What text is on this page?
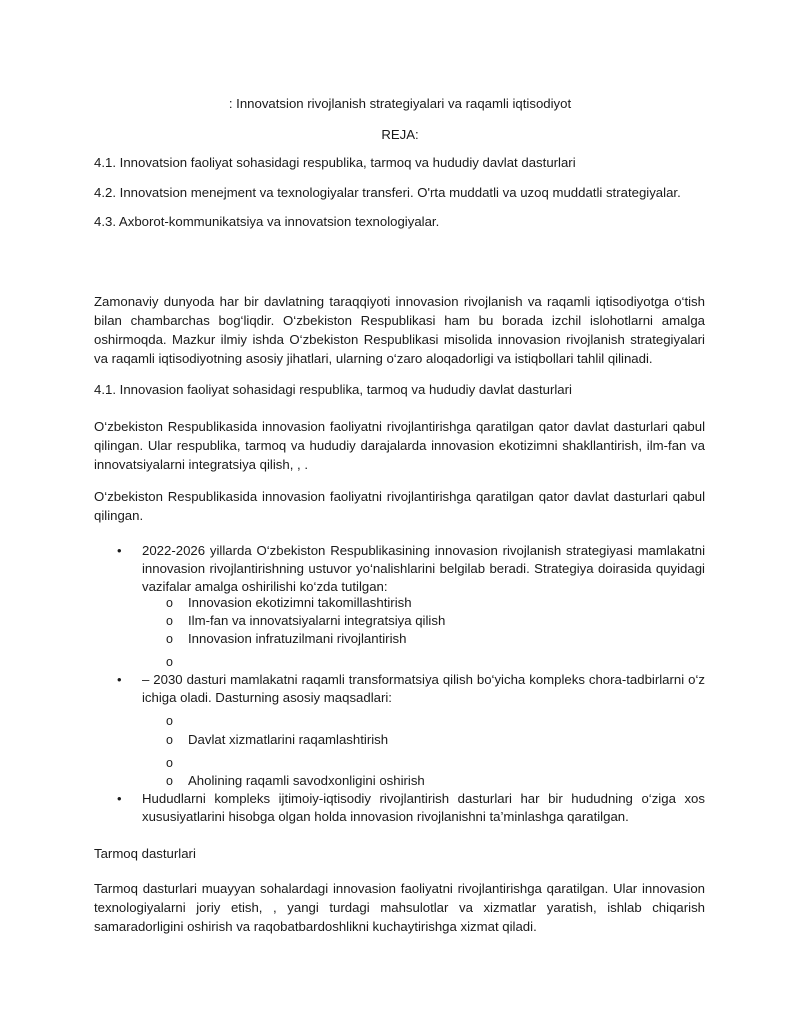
: Innovatsion rivojlanish strategiyalari va raqamli iqtisodiyot
REJA:
4.1. Innovatsion faoliyat sohasidagi respublika, tarmoq va hududiy davlat dasturlari
4.2. Innovatsion menejment va texnologiyalar transferi. O'rta muddatli va uzoq muddatli strategiyalar.
4.3. Axborot-kommunikatsiya va innovatsion texnologiyalar.
Zamonaviy dunyoda har bir davlatning taraqqiyoti innovasion rivojlanish va raqamli iqtisodiyotga o‘tish bilan chambarchas bog‘liqdir. O‘zbekiston Respublikasi ham bu borada izchil islohotlarni amalga oshirmoqda. Mazkur ilmiy ishda O‘zbekiston Respublikasi misolida innovasion rivojlanish strategiyalari va raqamli iqtisodiyotning asosiy jihatlari, ularning o‘zaro aloqadorligi va istiqbollari tahlil qilinadi.
4.1. Innovasion faoliyat sohasidagi respublika, tarmoq va hududiy davlat dasturlari
O‘zbekiston Respublikasida innovasion faoliyatni rivojlantirishga qaratilgan qator davlat dasturlari qabul qilingan. Ular respublika, tarmoq va hududiy darajalarda innovasion ekotizimni shakllantirish, ilm-fan va innovatsiyalarni integratsiya qilish, , .
O‘zbekiston Respublikasida innovasion faoliyatni rivojlantirishga qaratilgan qator davlat dasturlari qabul qilingan.
• 2022-2026 yillarda O‘zbekiston Respublikasining innovasion rivojlanish strategiyasi mamlakatni innovasion rivojlantirishning ustuvor yo‘nalishlarini belgilab beradi. Strategiya doirasida quyidagi vazifalar amalga oshirilishi ko‘zda tutilgan:
o Innovasion ekotizimni takomillashtirish
o Ilm-fan va innovatsiyalarni integratsiya qilish
o Innovasion infratuzilmani rivojlantirish
o
• – 2030 dasturi mamlakatni raqamli transformatsiya qilish bo‘yicha kompleks chora-tadbirlarni o‘z ichiga oladi. Dasturning asosiy maqsadlari:
o
o Davlat xizmatlarini raqamlashtirish
o
o Aholining raqamli savodxonligini oshirish
• Hududlarni kompleks ijtimoiy-iqtisodiy rivojlantirish dasturlari har bir hududning o‘ziga xos xususiyatlarini hisobga olgan holda innovasion rivojlanishni ta’minlashga qaratilgan.
Tarmoq dasturlari
Tarmoq dasturlari muayyan sohalardagi innovasion faoliyatni rivojlantirishga qaratilgan. Ular innovasion texnologiyalarni joriy etish, , yangi turdagi mahsulotlar va xizmatlar yaratish, ishlab chiqarish samaradorligini oshirish va raqobatbardoshlikni kuchaytirishga xizmat qiladi.
